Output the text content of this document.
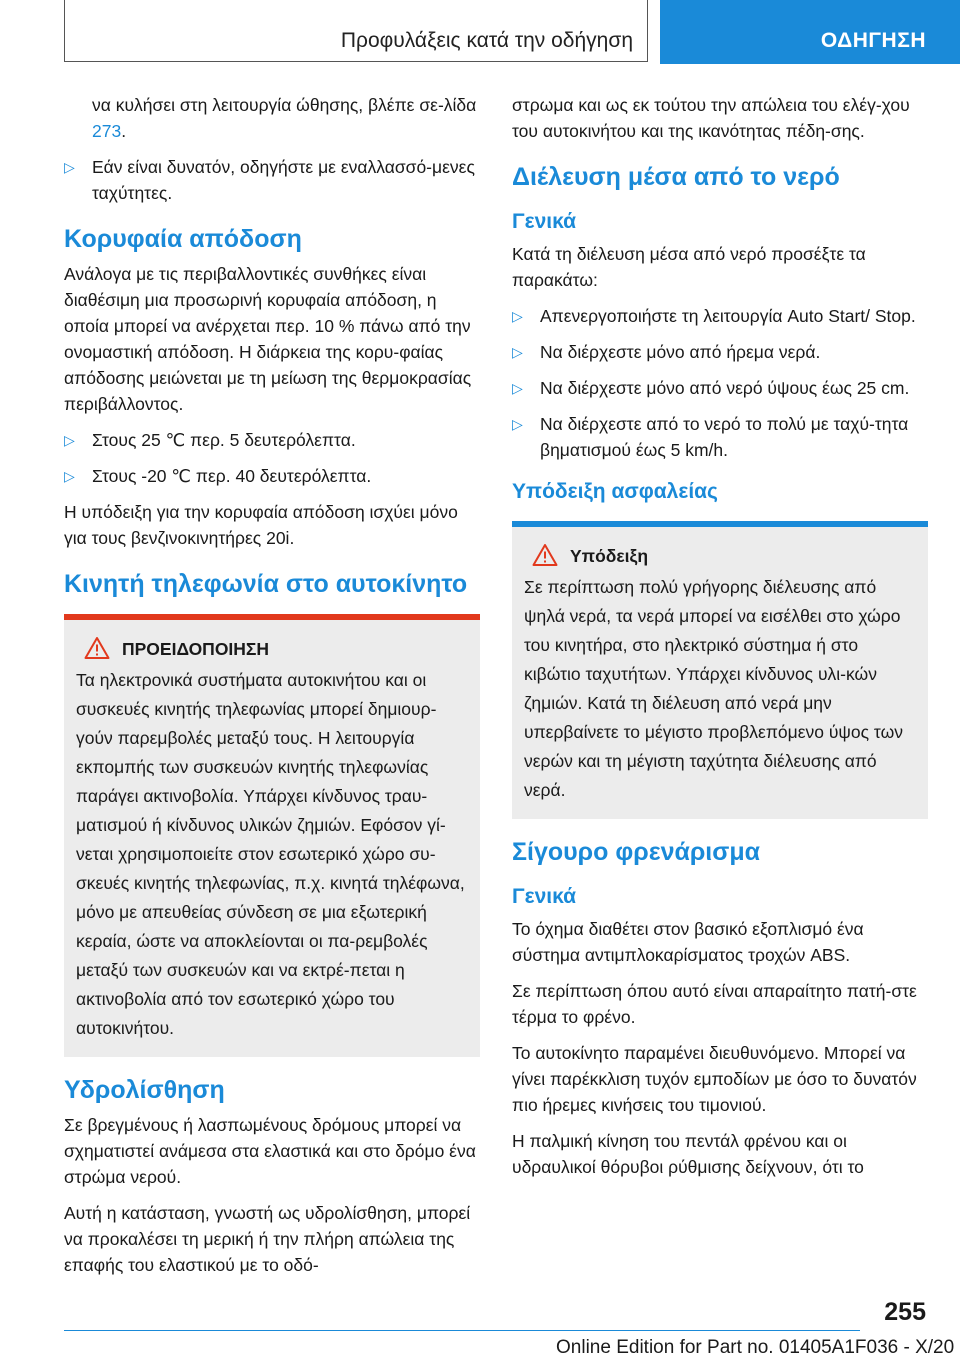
Προφυλάξεις κατά την οδήγηση	ΟΔΗΓΗΣΗ

να κυλήσει στη λειτουργία ώθησης, βλέπε σε-λίδα 273.

▷ Εάν είναι δυνατόν, οδηγήστε με εναλλασσό-μενες ταχύτητες.
Κορυφαία απόδοση

Ανάλογα με τις περιβαλλοντικές συνθήκες είναι διαθέσιμη μια προσωρινή κορυφαία απόδοση, η οποία μπορεί να ανέρχεται περ. 10 % πάνω από την ονομαστική απόδοση. Η διάρκεια της κορυ-φαίας απόδοσης μειώνεται με τη μείωση της θερμοκρασίας περιβάλλοντος.

▷ Στους 25 ℃ περ. 5 δευτερόλεπτα.
▷ Στους -20 ℃ περ. 40 δευτερόλεπτα.

Η υπόδειξη για την κορυφαία απόδοση ισχύει μόνο για τους βενζινοκινητήρες 20i.

Κινητή τηλεφωνία στο αυτοκίνητο
ΠΡΟΕΙΔΟΠΟΙΗΣΗ

Τα ηλεκτρονικά συστήματα αυτοκινήτου και οι συσκευές κινητής τηλεφωνίας μπορεί δημιουρ-γούν παρεμβολές μεταξύ τους. Η λειτουργία εκπομπής των συσκευών κινητής τηλεφωνίας παράγει ακτινοβολία. Υπάρχει κίνδυνος τραυ-ματισμού ή κίνδυνος υλικών ζημιών. Εφόσον γί-νεται χρησιμοποιείτε στον εσωτερικό χώρο συ-σκευές κινητής τηλεφωνίας, π.χ. κινητά τηλέφωνα, μόνο με απευθείας σύνδεση σε μια εξωτερική κεραία, ώστε να αποκλείονται οι πα-ρεμβολές μεταξύ των συσκευών και να εκτρέ-πεται η ακτινοβολία από τον εσωτερικό χώρο του αυτοκινήτου.

Υδρολίσθηση

Σε βρεγμένους ή λασπωμένους δρόμους μπορεί να σχηματιστεί ανάμεσα στα ελαστικά και στο δρόμο ένα στρώμα νερού.

Αυτή η κατάσταση, γνωστή ως υδρολίσθηση, μπορεί να προκαλέσει τη μερική ή την πλήρη απώλεια της επαφής του ελαστικού με το οδό-

στρωμα και ως εκ τούτου την απώλεια του ελέγ-χου του αυτοκινήτου και της ικανότητας πέδη-σης.

Διέλευση μέσα από το νερό
Γενικά

Κατά τη διέλευση μέσα από νερό προσέξτε τα παρακάτω:

▷ Απενεργοποιήστε τη λειτουργία Auto Start/ Stop.
▷ Να διέρχεστε μόνο από ήρεμα νερά.
▷ Να διέρχεστε μόνο από νερό ύψους έως 25 cm.
▷ Να διέρχεστε από το νερό το πολύ με ταχύ-τητα βηματισμού έως 5 km/h.
Υπόδειξη ασφαλείας
Υπόδειξη

Σε περίπτωση πολύ γρήγορης διέλευσης από ψηλά νερά, τα νερά μπορεί να εισέλθει στο χώρο του κινητήρα, στο ηλεκτρικό σύστημα ή στο κιβώτιο ταχυτήτων. Υπάρχει κίνδυνος υλι-κών ζημιών. Κατά τη διέλευση από νερά μην υπερβαίνετε το μέγιστο προβλεπόμενο ύψος των νερών και τη μέγιστη ταχύτητα διέλευσης από νερά.

Σίγουρο φρενάρισμα
Γενικά

Το όχημα διαθέτει στον βασικό εξοπλισμό ένα σύστημα αντιμπλοκαρίσματος τροχών ABS.

Σε περίπτωση όπου αυτό είναι απαραίτητο πατή-στε τέρμα το φρένο.

Το αυτοκίνητο παραμένει διευθυνόμενο. Μπορεί να γίνει παρέκκλιση τυχόν εμποδίων με όσο το δυνατόν πιο ήρεμες κινήσεις του τιμονιού.

Η παλμική κίνηση του πεντάλ φρένου και οι υδραυλικοί θόρυβοι ρύθμισης δείχνουν, ότι το

255
Online Edition for Part no. 01405A1F036 - X/20
